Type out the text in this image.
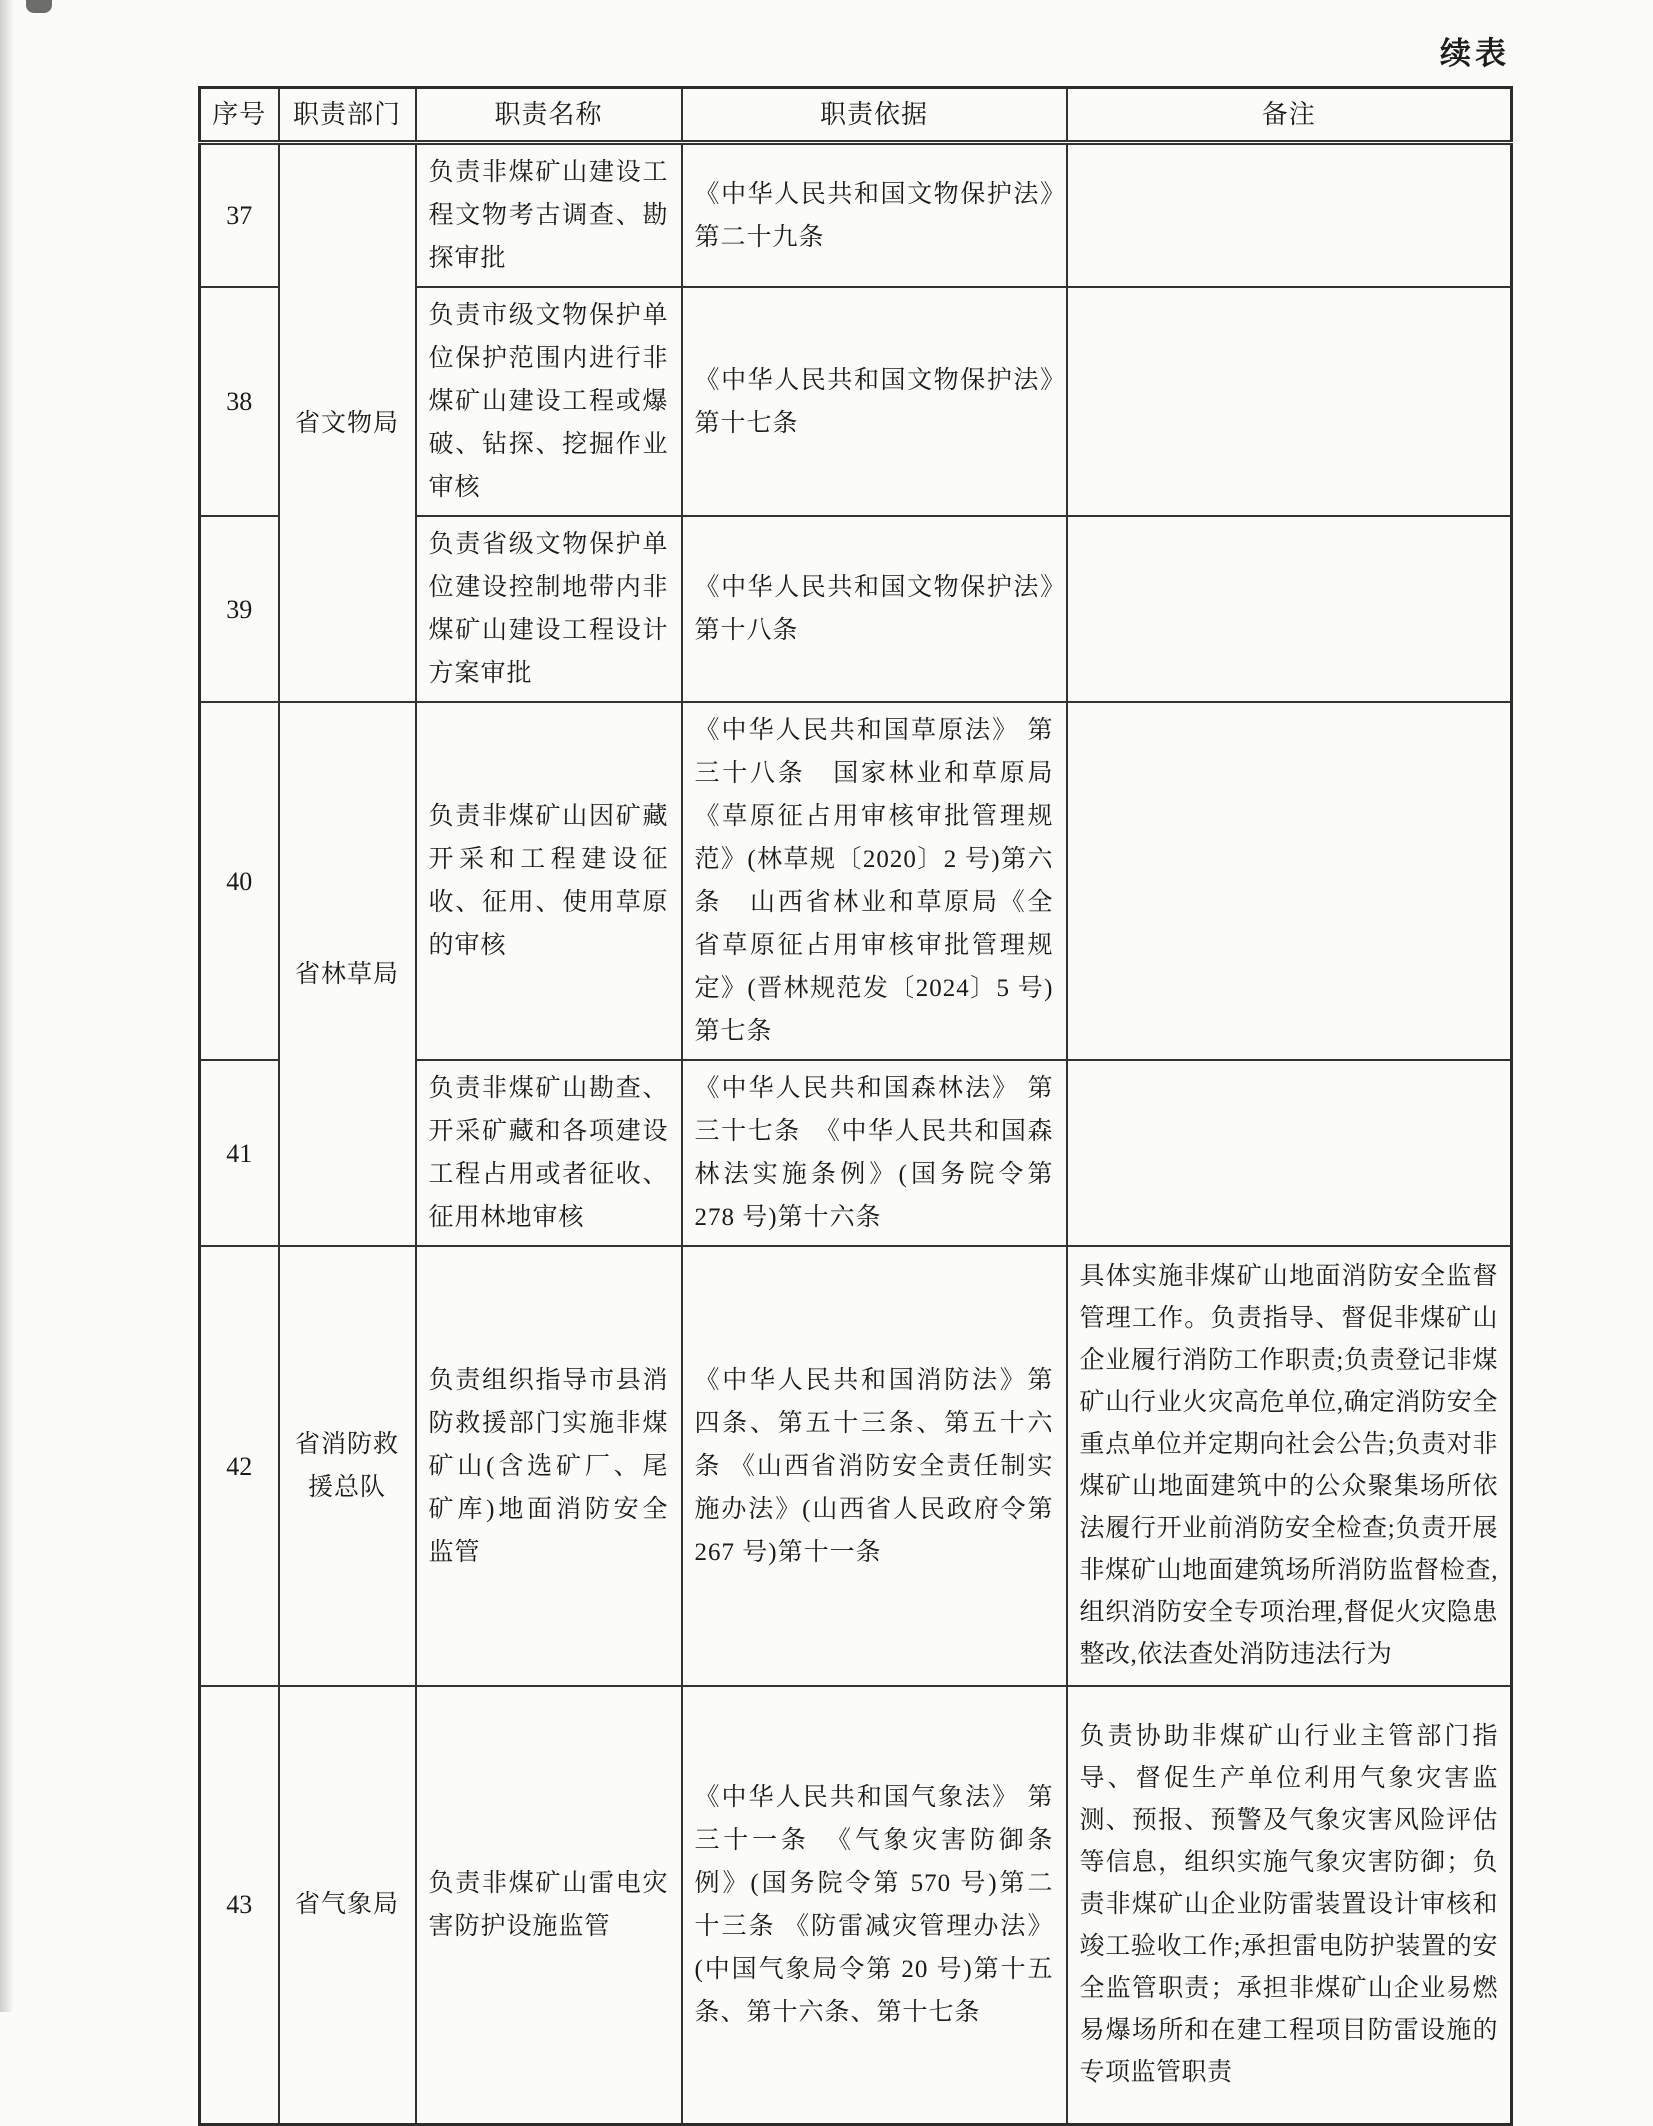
续表
序号	职责部门	职责名称	职责依据	备注
37	省文物局	负责非煤矿山建设工程文物考古调查、勘探审批	《中华人民共和国文物保护法》第二十九条	
38		负责市级文物保护单位保护范围内进行非煤矿山建设工程或爆破、钻探、挖掘作业审核	《中华人民共和国文物保护法》第十七条	
39		负责省级文物保护单位建设控制地带内非煤矿山建设工程设计方案审批	《中华人民共和国文物保护法》第十八条	
40	省林草局	负责非煤矿山因矿藏开采和工程建设征收、征用、使用草原的审核	《中华人民共和国草原法》 第三十八条　国家林业和草原局《草原征占用审核审批管理规范》(林草规〔2020〕2 号)第六条　山西省林业和草原局《全省草原征占用审核审批管理规定》(晋林规范发〔2024〕5 号)第七条	
41		负责非煤矿山勘查、开采矿藏和各项建设工程占用或者征收、征用林地审核	《中华人民共和国森林法》 第三十七条　《中华人民共和国森林法实施条例》(国务院令第 278 号)第十六条	
42	省消防救援总队	负责组织指导市县消防救援部门实施非煤矿山(含选矿厂、尾矿库)地面消防安全监管	《中华人民共和国消防法》第四条、第五十三条、第五十六条 《山西省消防安全责任制实施办法》(山西省人民政府令第 267 号)第十一条	具体实施非煤矿山地面消防安全监督管理工作。负责指导、督促非煤矿山企业履行消防工作职责;负责登记非煤矿山行业火灾高危单位,确定消防安全重点单位并定期向社会公告;负责对非煤矿山地面建筑中的公众聚集场所依法履行开业前消防安全检查;负责开展非煤矿山地面建筑场所消防监督检查,组织消防安全专项治理,督促火灾隐患整改,依法查处消防违法行为
43	省气象局	负责非煤矿山雷电灾害防护设施监管	《中华人民共和国气象法》 第三十一条　《气象灾害防御条例》(国务院令第 570 号)第二十三条 《防雷减灾管理办法》(中国气象局令第 20 号)第十五条、第十六条、第十七条	负责协助非煤矿山行业主管部门指导、督促生产单位利用气象灾害监测、预报、预警及气象灾害风险评估等信息，组织实施气象灾害防御；负责非煤矿山企业防雷装置设计审核和竣工验收工作;承担雷电防护装置的安全监管职责；承担非煤矿山企业易燃易爆场所和在建工程项目防雷设施的专项监管职责
